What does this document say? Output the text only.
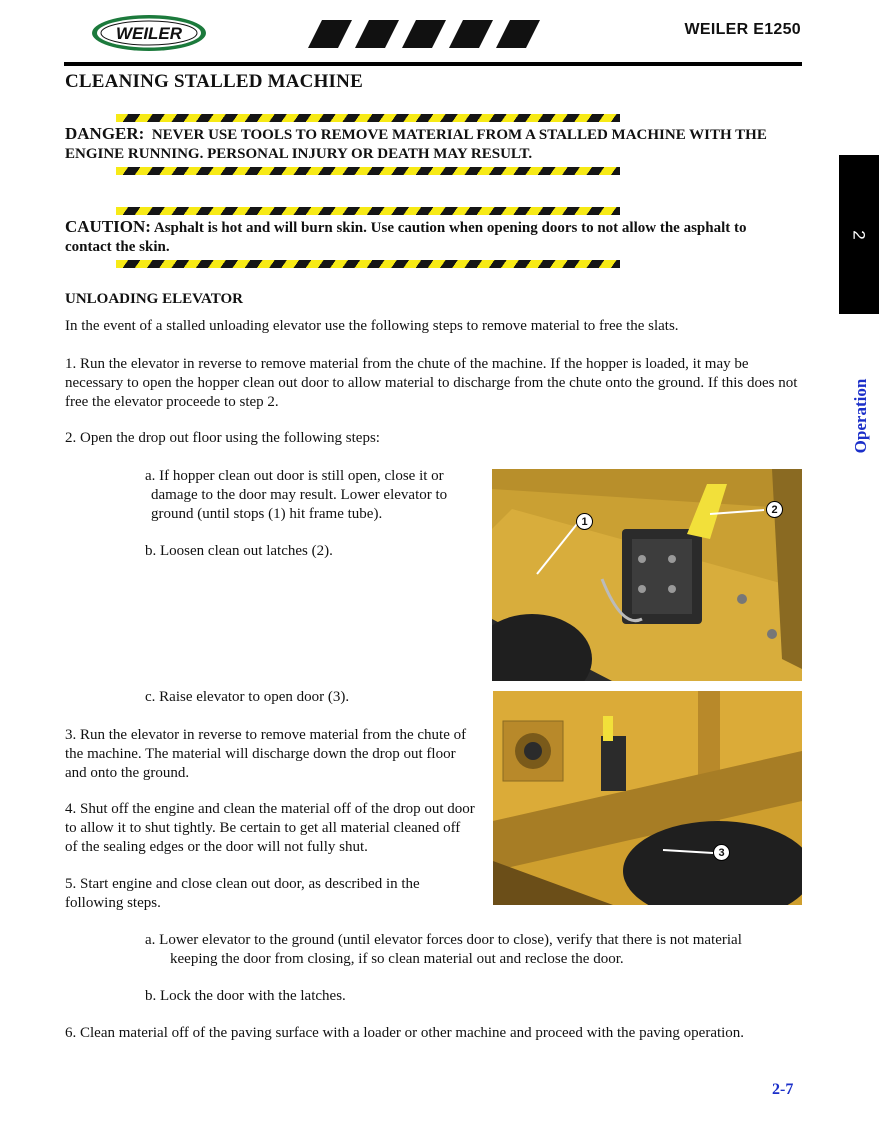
WEILER	WEILER E1250
CLEANING STALLED MACHINE
DANGER: NEVER USE TOOLS TO REMOVE MATERIAL FROM A STALLED MACHINE WITH THE ENGINE RUNNING. PERSONAL INJURY OR DEATH MAY RESULT.
CAUTION: Asphalt is hot and will burn skin. Use caution when opening doors to not allow the asphalt to contact the skin.
UNLOADING ELEVATOR
In the event of a stalled unloading elevator use the following steps to remove material to free the slats.
1. Run the elevator in reverse to remove material from the chute of the machine. If the hopper is loaded, it may be necessary to open the hopper clean out door to allow material to discharge from the chute onto the ground. If this does not free the elevator proceede to step 2.
2. Open the drop out floor using the following steps:
a. If hopper clean out door is still open, close it or
damage to the door may result. Lower elevator to
ground (until stops (1) hit frame tube).
b. Loosen clean out latches (2).
c. Raise elevator to open door (3).
3. Run the elevator in reverse to remove material from the chute of the machine. The material will discharge down the drop out floor and onto the ground.
4. Shut off the engine and clean the material off of the drop out door to allow it to shut tightly. Be certain to get all material cleaned off of the sealing edges or the door will not fully shut.
5. Start engine and close clean out door, as described in the following steps.
a. Lower elevator to the ground (until elevator forces door to close), verify that there is not material
keeping the door from closing, if so clean material out and reclose the door.
b. Lock the door with the latches.
6. Clean material off of the paving surface with a loader or other machine and proceed with the paving operation.
1
2
3
2
Operation
2-7
